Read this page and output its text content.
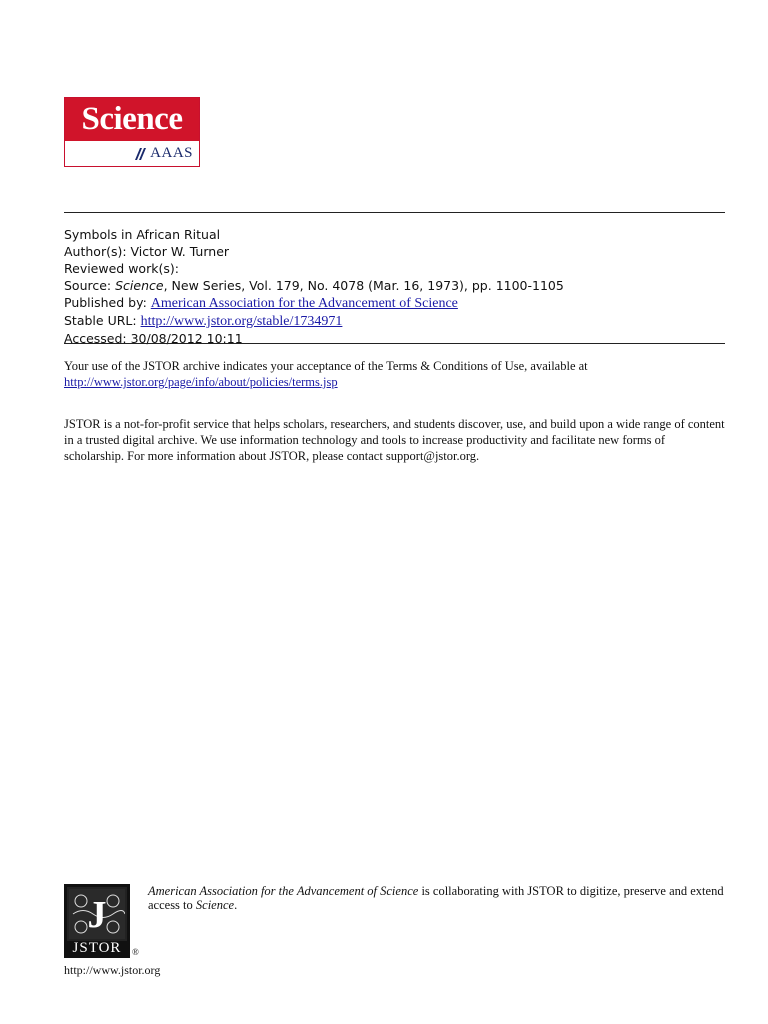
Science
AAAS
Symbols in African Ritual
Author(s): Victor W. Turner
Reviewed work(s):
Source: Science, New Series, Vol. 179, No. 4078 (Mar. 16, 1973), pp. 1100-1105
Published by: American Association for the Advancement of Science
Stable URL: http://www.jstor.org/stable/1734971
Accessed: 30/08/2012 10:11
Your use of the JSTOR archive indicates your acceptance of the Terms & Conditions of Use, available at
http://www.jstor.org/page/info/about/policies/terms.jsp
JSTOR is a not-for-profit service that helps scholars, researchers, and students discover, use, and build upon a wide range of content in a trusted digital archive. We use information technology and tools to increase productivity and facilitate new forms of scholarship. For more information about JSTOR, please contact support@jstor.org.
J
JSTOR	®
http://www.jstor.org
American Association for the Advancement of Science is collaborating with JSTOR to digitize, preserve and extend access to Science.
